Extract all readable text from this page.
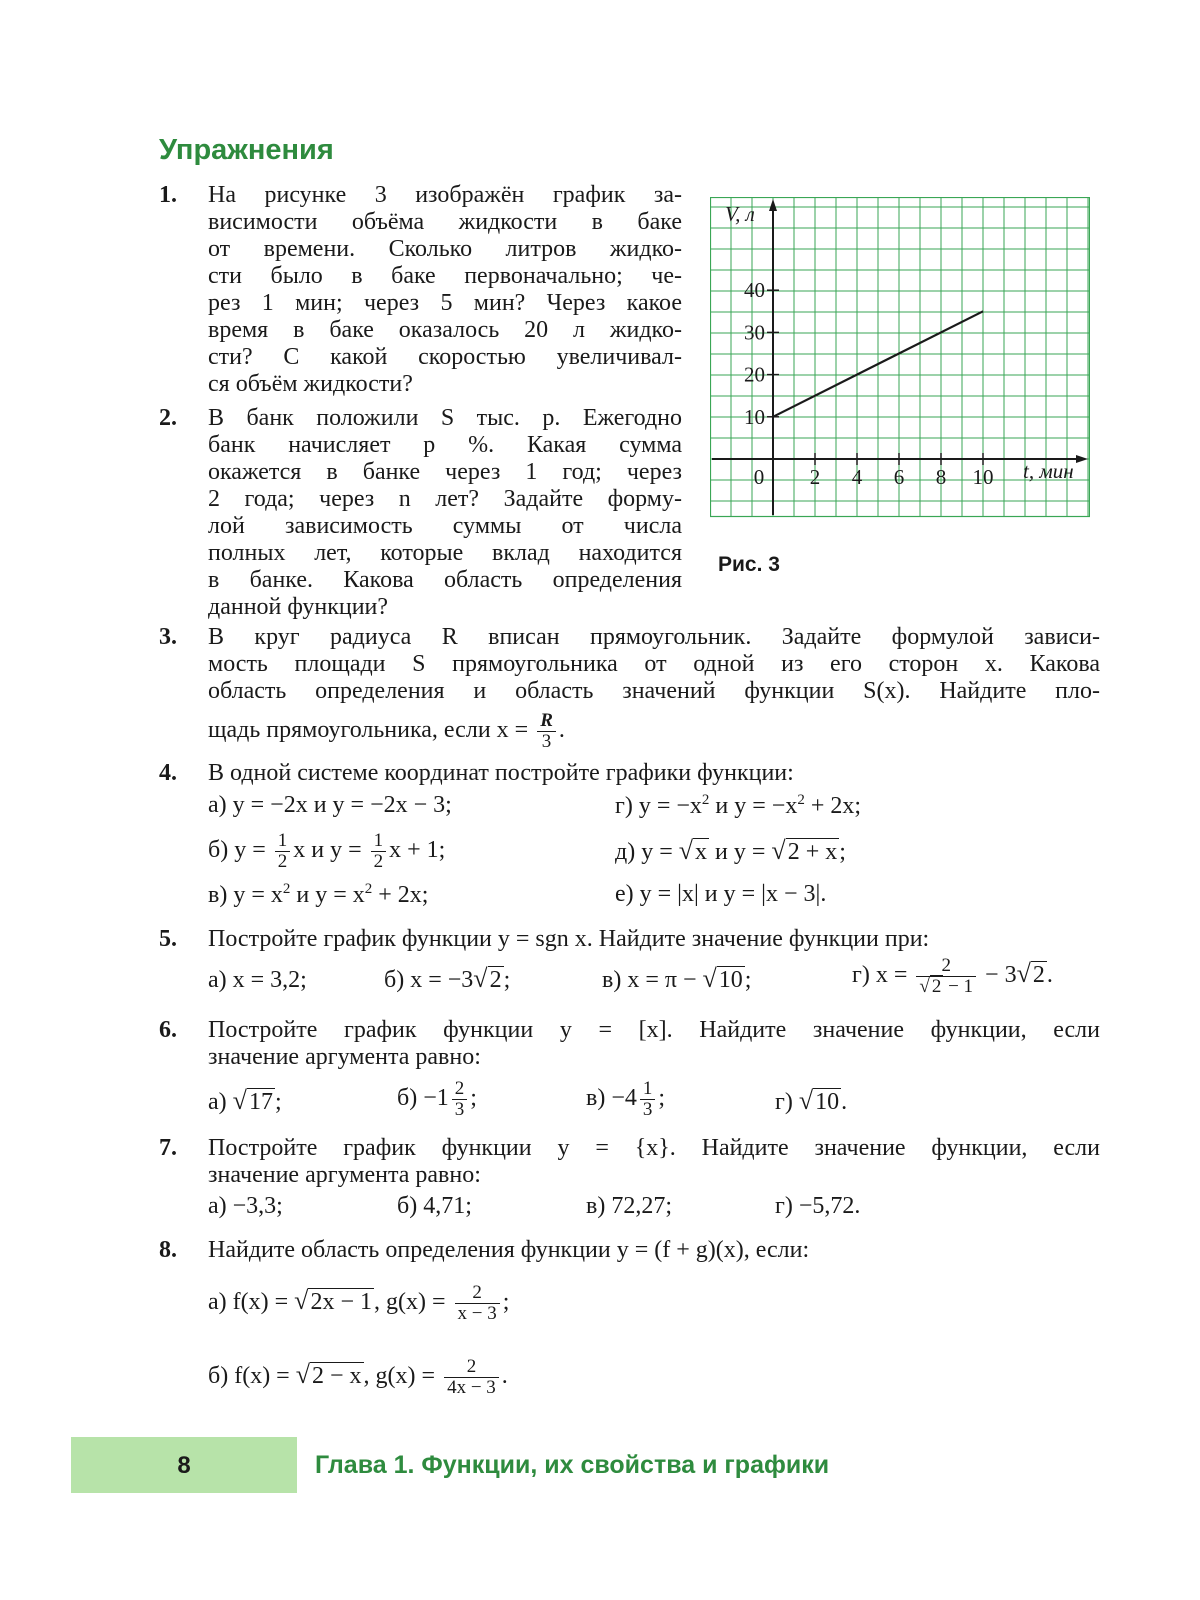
Упражнения
1. На рисунке 3 изображён график за-
висимости объёма жидкости в баке
от времени. Сколько литров жидко-
сти было в баке первоначально; че-
рез 1 мин; через 5 мин? Через какое
время в баке оказалось 20 л жидко-
сти? С какой скоростью увеличивал-
ся объём жидкости?
2. В банк положили S тыс. р. Ежегодно
банк начисляет p %. Какая сумма
окажется в банке через 1 год; через
2 года; через n лет? Задайте форму-
лой зависимость суммы от числа
полных лет, которые вклад находится
в банке. Какова область определения
данной функции?
10
20
30
40
0 2 4 6 8 10
V, л
t, мин
Рис. 3
3. В круг радиуса R вписан прямоугольник. Задайте формулой зависи-
мость площади S прямоугольника от одной из его сторон x. Какова
область определения и область значений функции S(x). Найдите пло-
щадь прямоугольника, если $x = \frac{R}{3}$ .
4. В одной системе координат постройте графики функции:
а) y = −2x и y = −2x − 3;	г) $y = -x^2$ и $y = -x^2 + 2x$;
б) $y = \frac{1}{2}$ x и $y = \frac{1}{2}$ x + 1;	д) y = √x и y = √2 + x;
в) $y = x^2$ и $y = x^2 + 2x$;	е) y = |x| и y = |x − 3|.
5. Постройте график функции y = sgn x. Найдите значение функции при:
а) x = 3,2;	б) x = −3√2;	в) x = π − √10;	г) $x = \frac{2}{√ 2 - 1} - 3√2$.
6. Постройте график функции y = [x]. Найдите значение функции, если
значение аргумента равно:
а) √17;	$б) -1 \frac{2}{3}$ ;	$в) -4 \frac{1}{3}$ ;	г) √10.
7. Постройте график функции y = {x}. Найдите значение функции, если
значение аргумента равно:
а) −3,3;	б) 4,71;	в) 72,27;	г) −5,72.
8. Найдите область определения функции y = (f + g)(x), если:
а) f(x) = √2x − 1, $g(x) = \frac{2}{x - 3}$ ;
б) f(x) = √2 − x, $g(x) = \frac{2}{4x - 3}$ .
8	Глава 1. Функции, их свойства и графики
